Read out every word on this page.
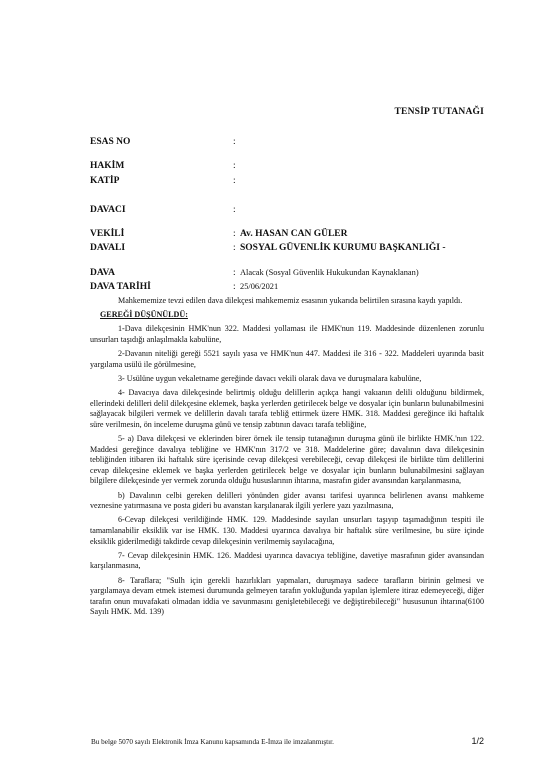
TENSİP TUTANAĞI
ESAS NO	:
HAKİM	:
KATİP	:
DAVACI	:
VEKİLİ	: Av. HASAN CAN GÜLER
DAVALI	: SOSYAL GÜVENLİK KURUMU BAŞKANLIĞI -
DAVA	: Alacak (Sosyal Güvenlik Hukukundan Kaynaklanan)
DAVA TARİHİ	: 25/06/2021

Mahkememize tevzi edilen dava dilekçesi mahkememiz esasının yukarıda belirtilen sırasına kaydı yapıldı.

GEREĞİ DÜŞÜNÜLDÜ:

1-Dava dilekçesinin HMK'nun 322. Maddesi yollaması ile HMK'nun 119. Maddesinde düzenlenen zorunlu unsurları taşıdığı anlaşılmakla kabulüne,

2-Davanın niteliği gereği 5521 sayılı yasa ve HMK'nun 447. Maddesi ile 316 - 322. Maddeleri uyarında basit yargılama usülü ile görülmesine,

3- Usülüne uygun vekaletname gereğinde davacı vekili olarak dava ve duruşmalara kabulüne,

4- Davacıya dava dilekçesinde belirtmiş olduğu delillerin açıkça hangi vakıanın delili olduğunu bildirmek, ellerindeki delilleri delil dilekçesine eklemek, başka yerlerden getirilecek belge ve dosyalar için bunların bulunabilmesini sağlayacak bilgileri vermek ve delillerin davalı tarafa tebliğ ettirmek üzere HMK. 318. Maddesi gereğince iki haftalık süre verilmesin, ön inceleme duruşma günü ve tensip zabtının davacı tarafa tebliğine,

5- a) Dava dilekçesi ve eklerinden birer örnek ile tensip tutanağının duruşma günü ile birlikte HMK.'nın 122. Maddesi gereğince davalıya tebliğine ve HMK'nın 317/2 ve 318. Maddelerine göre; davalının dava dilekçesinin tebliğinden itibaren iki haftalık süre içerisinde cevap dilekçesi verebileceği, cevap dilekçesi ile birlikte tüm delillerini cevap dilekçesine eklemek ve başka yerlerden getirilecek belge ve dosyalar için bunların bulunabilmesini sağlayan bilgilere dilekçesinde yer vermek zorunda olduğu hususlarının ihtarına, masrafın gider avansından karşılanmasına,

b) Davalının celbi gereken delilleri yönünden gider avansı tarifesi uyarınca belirlenen avansı mahkeme veznesine yatırmasına ve posta gideri bu avanstan karşılanarak ilgili yerlere yazı yazılmasına,

6-Cevap dilekçesi verildiğinde HMK. 129. Maddesinde sayılan unsurları taşıyıp taşımadığının tespiti ile tamamlanabilir eksiklik var ise HMK. 130. Maddesi uyarınca davalıya bir haftalık süre verilmesine, bu süre içinde eksiklik giderilmediği takdirde cevap dilekçesinin verilmemiş sayılacağına,

7- Cevap dilekçesinin HMK. 126. Maddesi uyarınca davacıya tebliğine, davetiye masrafının gider avansından karşılanmasına,

8- Taraflara; "Sulh için gerekli hazırlıkları yapmaları, duruşmaya sadece tarafların birinin gelmesi ve yargılamaya devam etmek istemesi durumunda gelmeyen tarafın yokluğunda yapılan işlemlere itiraz edemeyeceği, diğer tarafın onun muvafakati olmadan iddia ve savunmasını genişletebileceği ve değiştirebileceği" hususunun ihtarına(6100 Sayılı HMK. Md. 139)

Bu belge 5070 sayılı Elektronik İmza Kanunu kapsamında E-İmza ile imzalanmıştır.	1/2
